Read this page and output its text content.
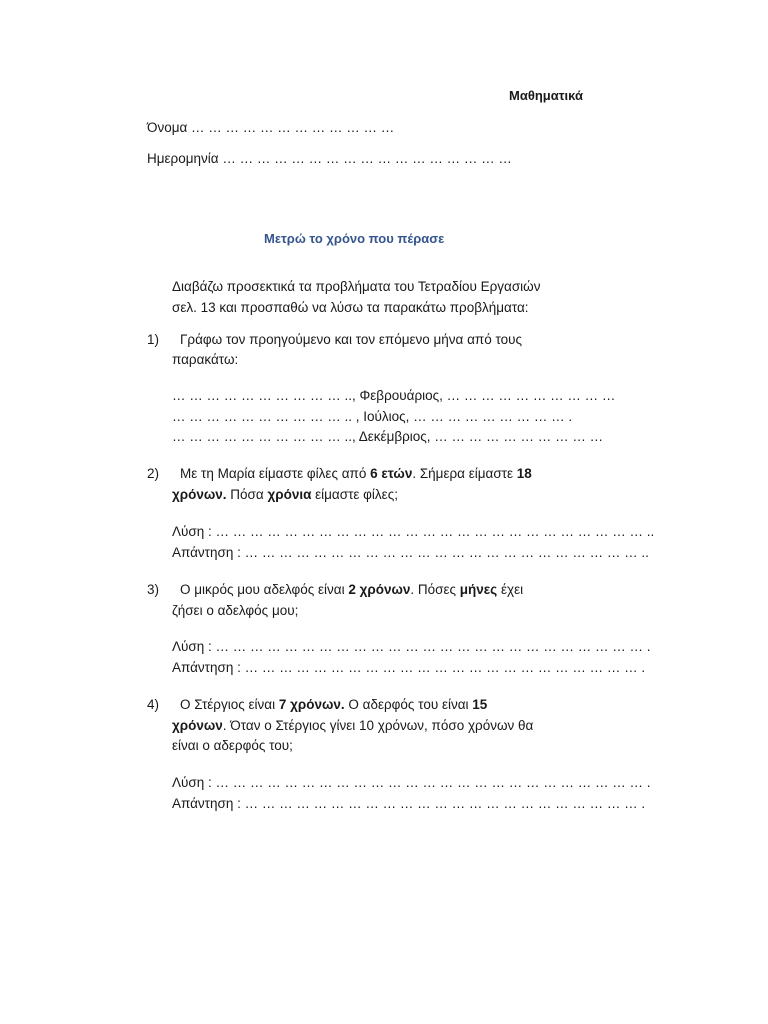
Μαθηματικά
Όνομα … … … … … … … … … … … …
Ημερομηνία … … … … … … … … … … … … … … … … …
Μετρώ το χρόνο που πέρασε
Διαβάζω προσεκτικά τα προβλήματα του Τετραδίου Εργασιών
σελ. 13 και προσπαθώ να λύσω τα παρακάτω προβλήματα:
1) Γράφω τον προηγούμενο και τον επόμενο μήνα από τους
παρακάτω:
… … … … … … … … … … .., Φεβρουάριος, … … … … … … … … … …
… … … … … … … … … … .. , Ιούλιος, … … … … … … … … … .
… … … … … … … … … … .., Δεκέμβριος, … … … … … … … … … …
2) Με τη Μαρία είμαστε φίλες από 6 ετών. Σήμερα είμαστε 18
χρόνων. Πόσα χρόνια είμαστε φίλες;
Λύση : … … … … … … … … … … … … … … … … … … … … … … … … … ..
Απάντηση : … … … … … … … … … … … … … … … … … … … … … … … ..
3) Ο μικρός μου αδελφός είναι 2 χρόνων. Πόσες μήνες έχει
ζήσει ο αδελφός μου;
Λύση : … … … … … … … … … … … … … … … … … … … … … … … … … .
Απάντηση : … … … … … … … … … … … … … … … … … … … … … … … .
4) Ο Στέργιος είναι 7 χρόνων. Ο αδερφός του είναι 15
χρόνων. Όταν ο Στέργιος γίνει 10 χρόνων, πόσο χρόνων θα
είναι ο αδερφός του;
Λύση : … … … … … … … … … … … … … … … … … … … … … … … … … .
Απάντηση : … … … … … … … … … … … … … … … … … … … … … … … .
